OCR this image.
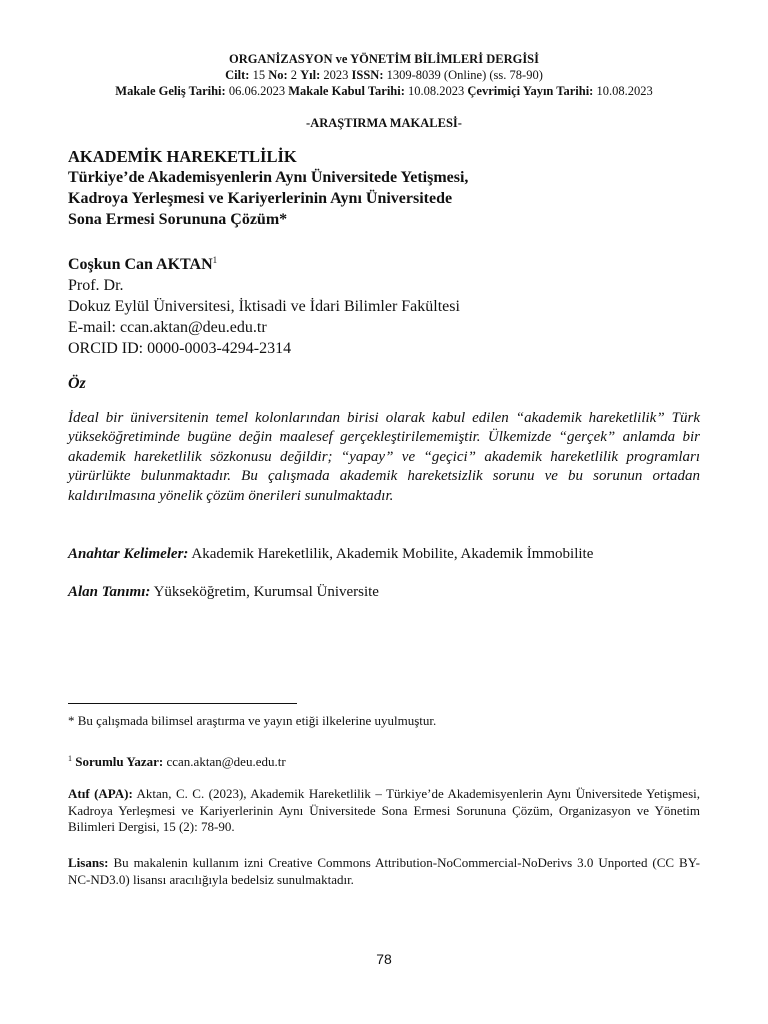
ORGANİZASYON ve YÖNETİM BİLİMLERİ DERGİSİ
Cilt: 15 No: 2 Yıl: 2023 ISSN: 1309-8039 (Online) (ss. 78-90)
Makale Geliş Tarihi: 06.06.2023 Makale Kabul Tarihi: 10.08.2023 Çevrimiçi Yayın Tarihi: 10.08.2023
-ARAŞTIRMA MAKALESİ-
AKADEMİK HAREKETLİLİK
Türkiye’de Akademisyenlerin Aynı Üniversitede Yetişmesi,
Kadroya Yerleşmesi ve Kariyerlerinin Aynı Üniversitede
Sona Ermesi Sorununa Çözüm*
Coşkun Can AKTAN$^1$
Prof. Dr.
Dokuz Eylül Üniversitesi, İktisadi ve İdari Bilimler Fakültesi
E-mail: ccan.aktan@deu.edu.tr
ORCID ID: 0000-0003-4294-2314
Öz
İdeal bir üniversitenin temel kolonlarından birisi olarak kabul edilen “akademik hareketlilik” Türk yükseköğretiminde bugüne değin maalesef gerçekleştirilememiştir. Ülkemizde “gerçek” anlamda bir akademik hareketlilik sözkonusu değildir; “yapay” ve “geçici” akademik hareketlilik programları yürürlükte bulunmaktadır. Bu çalışmada akademik hareketsizlik sorunu ve bu sorunun ortadan kaldırılmasına yönelik çözüm önerileri sunulmaktadır.
Anahtar Kelimeler: Akademik Hareketlilik, Akademik Mobilite, Akademik İmmobilite
Alan Tanımı: Yükseköğretim, Kurumsal Üniversite
* Bu çalışmada bilimsel araştırma ve yayın etiği ilkelerine uyulmuştur.
$^1$ Sorumlu Yazar: ccan.aktan@deu.edu.tr
Atıf (APA): Aktan, C. C. (2023), Akademik Hareketlilik – Türkiye’de Akademisyenlerin Aynı Üniversitede Yetişmesi, Kadroya Yerleşmesi ve Kariyerlerinin Aynı Üniversitede Sona Ermesi Sorununa Çözüm, Organizasyon ve Yönetim Bilimleri Dergisi, 15 (2): 78-90.
Lisans: Bu makalenin kullanım izni Creative Commons Attribution-NoCommercial-NoDerivs 3.0 Unported (CC BY-NC-ND3.0) lisansı aracılığıyla bedelsiz sunulmaktadır.
78
